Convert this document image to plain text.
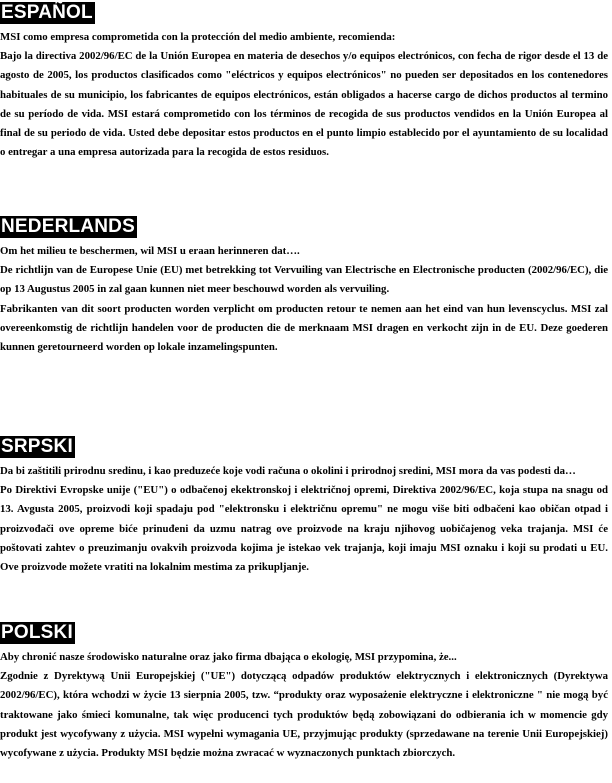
ESPAÑOL

MSI como empresa comprometida con la protección del medio ambiente, recomienda:

Bajo la directiva 2002/96/EC de la Unión Europea en materia de desechos y/o equipos electrónicos, con fecha de rigor desde el 13 de agosto de 2005, los productos clasificados como "eléctricos y equipos electrónicos" no pueden ser depositados en los contenedores habituales de su municipio, los fabricantes de equipos electrónicos, están obligados a hacerse cargo de dichos productos al termino de su período de vida. MSI estará comprometido con los términos de recogida de sus productos vendidos en la Unión Europea al final de su periodo de vida. Usted debe depositar estos productos en el punto limpio establecido por el ayuntamiento de su localidad o entregar a una empresa autorizada para la recogida de estos residuos.

NEDERLANDS

Om het milieu te beschermen, wil MSI u eraan herinneren dat….

De richtlijn van de Europese Unie (EU) met betrekking tot Vervuiling van Electrische en Electronische producten (2002/96/EC), die op 13 Augustus 2005 in zal gaan kunnen niet meer beschouwd worden als vervuiling.

Fabrikanten van dit soort producten worden verplicht om producten retour te nemen aan het eind van hun levenscyclus. MSI zal overeenkomstig de richtlijn handelen voor de producten die de merknaam MSI dragen en verkocht zijn in de EU. Deze goederen kunnen geretourneerd worden op lokale inzamelingspunten.

SRPSKI

Da bi zaštitili prirodnu sredinu, i kao preduzeće koje vodi računa o okolini i prirodnoj sredini, MSI mora da vas podesti da…

Po Direktivi Evropske unije ("EU") o odbačenoj ekektronskoj i električnoj opremi, Direktiva 2002/96/EC, koja stupa na snagu od 13. Avgusta 2005, proizvodi koji spadaju pod "elektronsku i električnu opremu" ne mogu više biti odbačeni kao običan otpad i proizvođači ove opreme biće prinuđeni da uzmu natrag ove proizvode na kraju njihovog uobičajenog veka trajanja. MSI će poštovati zahtev o preuzimanju ovakvih proizvoda kojima je istekao vek trajanja, koji imaju MSI oznaku i koji su prodati u EU. Ove proizvode možete vratiti na lokalnim mestima za prikupljanje.

POLSKI

Aby chronić nasze środowisko naturalne oraz jako firma dbająca o ekologię, MSI przypomina, że...

Zgodnie z Dyrektywą Unii Europejskiej ("UE") dotyczącą odpadów produktów elektrycznych i elektronicznych (Dyrektywa 2002/96/EC), która wchodzi w życie 13 sierpnia 2005, tzw. “produkty oraz wyposażenie elektryczne i elektroniczne " nie mogą być traktowane jako śmieci komunalne, tak więc producenci tych produktów będą zobowiązani do odbierania ich w momencie gdy produkt jest wycofywany z użycia. MSI wypełni wymagania UE, przyjmując produkty (sprzedawane na terenie Unii Europejskiej) wycofywane z użycia. Produkty MSI będzie można zwracać w wyznaczonych punktach zbiorczych.
